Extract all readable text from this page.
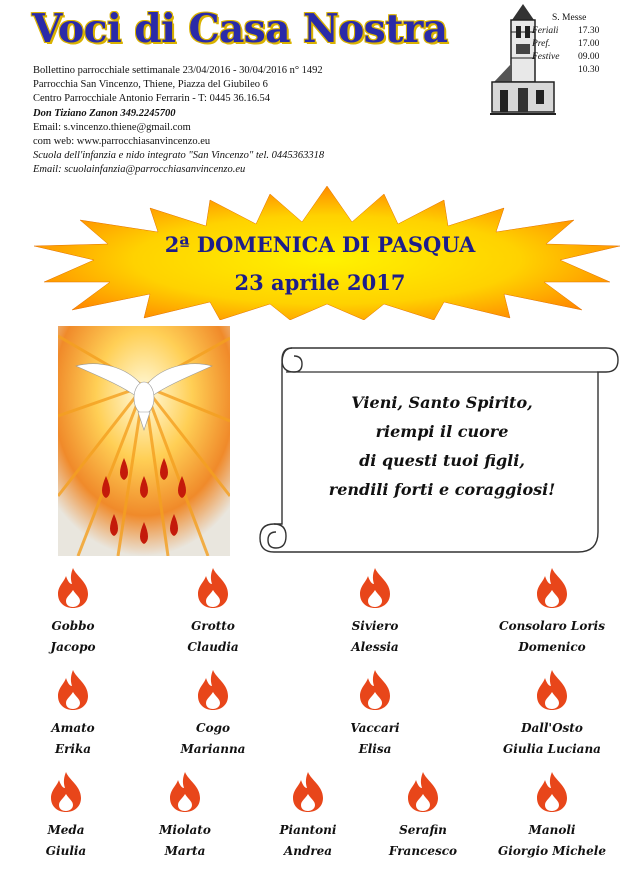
Voci di Casa Nostra
Bollettino parrocchiale settimanale 23/04/2016 - 30/04/2016 n° 1492
Parrocchia San Vincenzo, Thiene, Piazza del Giubileo 6
Centro Parrocchiale Antonio Ferrarin - T: 0445 36.16.54
Don Tiziano Zanon 349.2245700
Email: s.vincenzo.thiene@gmail.com
com web: www.parrocchiasanvincenzo.eu
Scuola dell'infanzia e nido integrato "San Vincenzo" tel. 0445363318
Email: scuolainfanzia@parrocchiasanvincenzo.eu
S. Messe
Feriali 17.30
Pref.	17.00
Festive 09.00
10.30
2ª DOMENICA DI PASQUA
23 aprile 2017
Vieni, Santo Spirito,
riempi il cuore
di questi tuoi figli,
rendili forti e coraggiosi!
Gobbo
Jacopo
Grotto
Claudia
Siviero
Alessia
Consolaro Loris
Domenico
Amato
Erika
Cogo
Marianna
Vaccari
Elisa
Dall'Osto
Giulia Luciana
Meda
Giulia
Miolato
Marta
Piantoni
Andrea
Serafin
Francesco
Manoli
Giorgio Michele
